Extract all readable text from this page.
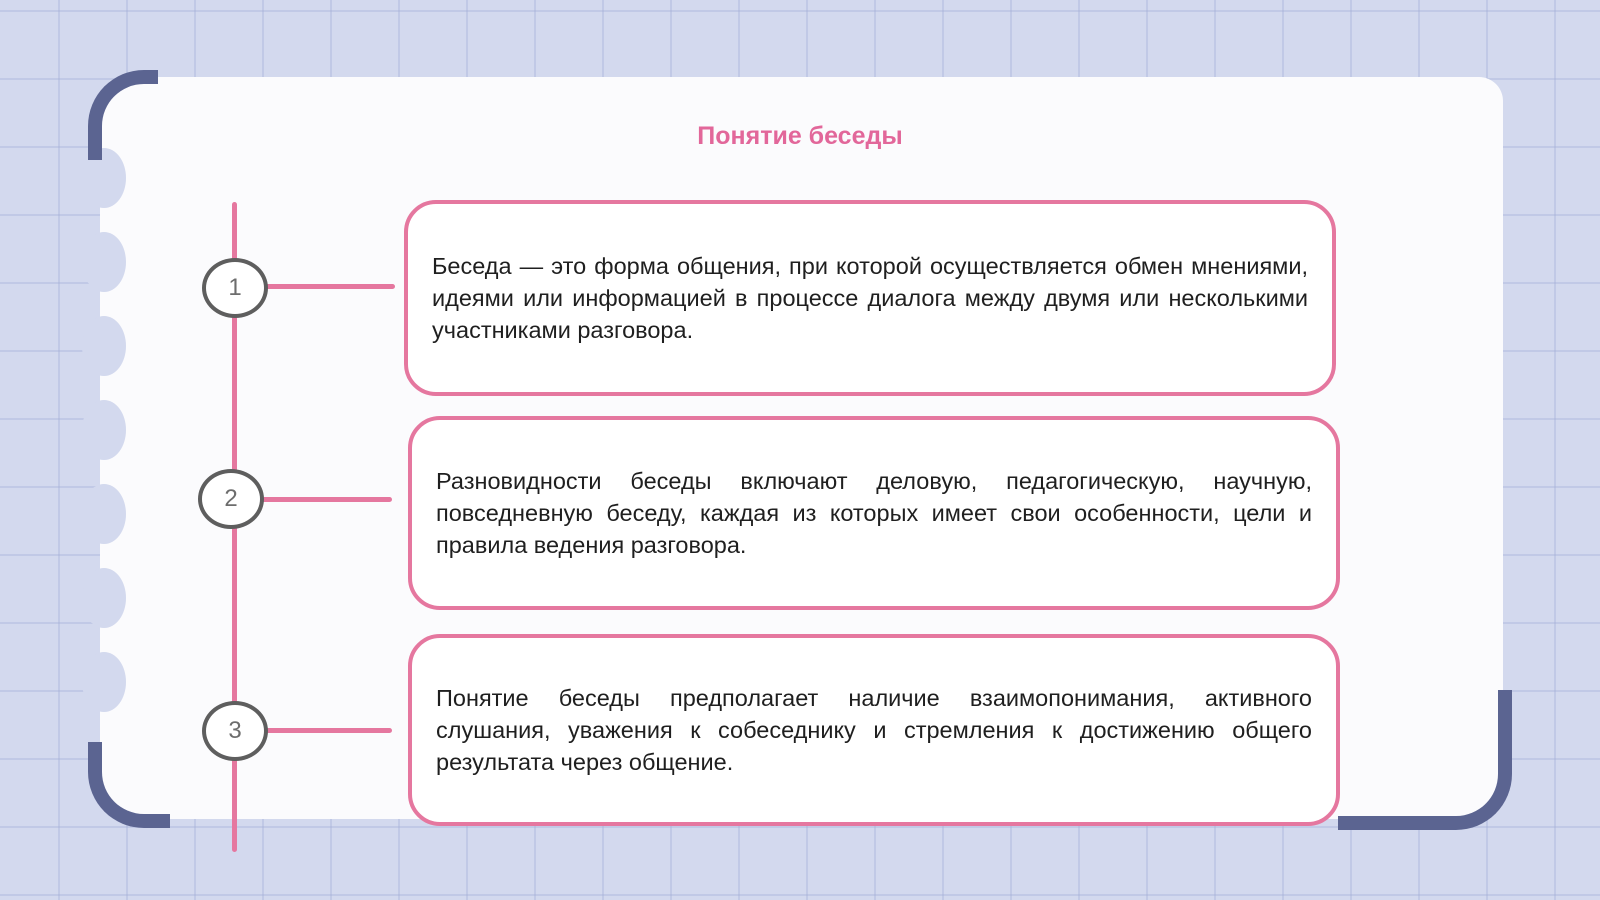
Понятие беседы
1

Беседа — это форма общения, при которой осуществляется обмен мнениями, идеями или информацией в процессе диалога между двумя или несколькими участниками разговора.

2

Разновидности беседы включают деловую, педагогическую, научную, повседневную беседу, каждая из которых имеет свои особенности, цели и правила ведения разговора.

3

Понятие беседы предполагает наличие взаимопонимания, активного слушания, уважения к собеседнику и стремления к достижению общего результата через общение.
